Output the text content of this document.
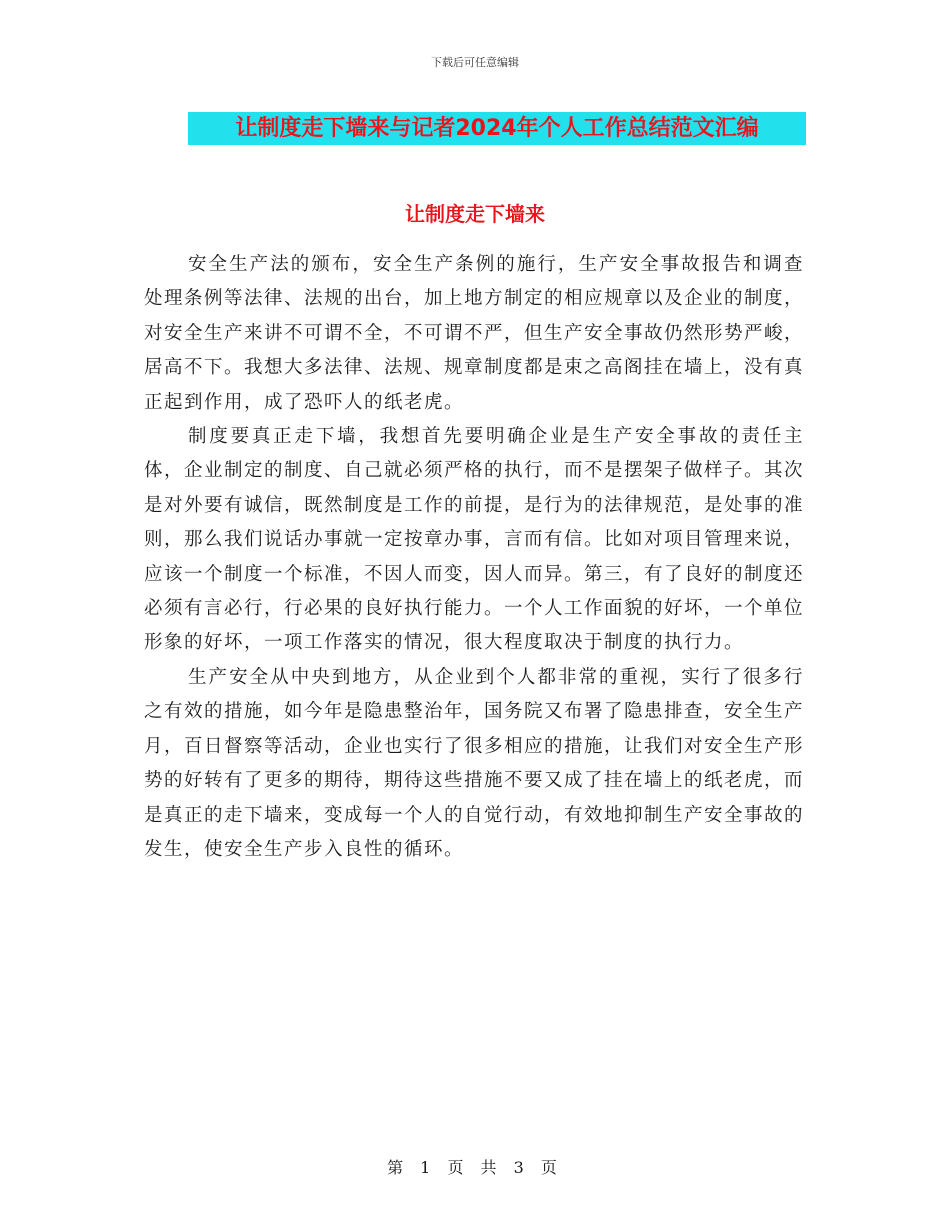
下载后可任意编辑
让制度走下墙来与记者2024年个人工作总结范文汇编
让制度走下墙来

安全生产法的颁布，安全生产条例的施行，生产安全事故报告和调查处理条例等法律、法规的出台，加上地方制定的相应规章以及企业的制度，对安全生产来讲不可谓不全，不可谓不严，但生产安全事故仍然形势严峻，居高不下。我想大多法律、法规、规章制度都是束之高阁挂在墙上，没有真正起到作用，成了恐吓人的纸老虎。

制度要真正走下墙，我想首先要明确企业是生产安全事故的责任主体，企业制定的制度、自己就必须严格的执行，而不是摆架子做样子。其次是对外要有诚信，既然制度是工作的前提，是行为的法律规范，是处事的准则，那么我们说话办事就一定按章办事，言而有信。比如对项目管理来说，应该一个制度一个标准，不因人而变，因人而异。第三，有了良好的制度还必须有言必行，行必果的良好执行能力。一个人工作面貌的好坏，一个单位形象的好坏，一项工作落实的情况，很大程度取决于制度的执行力。

生产安全从中央到地方，从企业到个人都非常的重视，实行了很多行之有效的措施，如今年是隐患整治年，国务院又布署了隐患排查，安全生产月，百日督察等活动，企业也实行了很多相应的措施，让我们对安全生产形势的好转有了更多的期待，期待这些措施不要又成了挂在墙上的纸老虎，而是真正的走下墙来，变成每一个人的自觉行动，有效地抑制生产安全事故的发生，使安全生产步入良性的循环。

第 1 页 共 3 页
